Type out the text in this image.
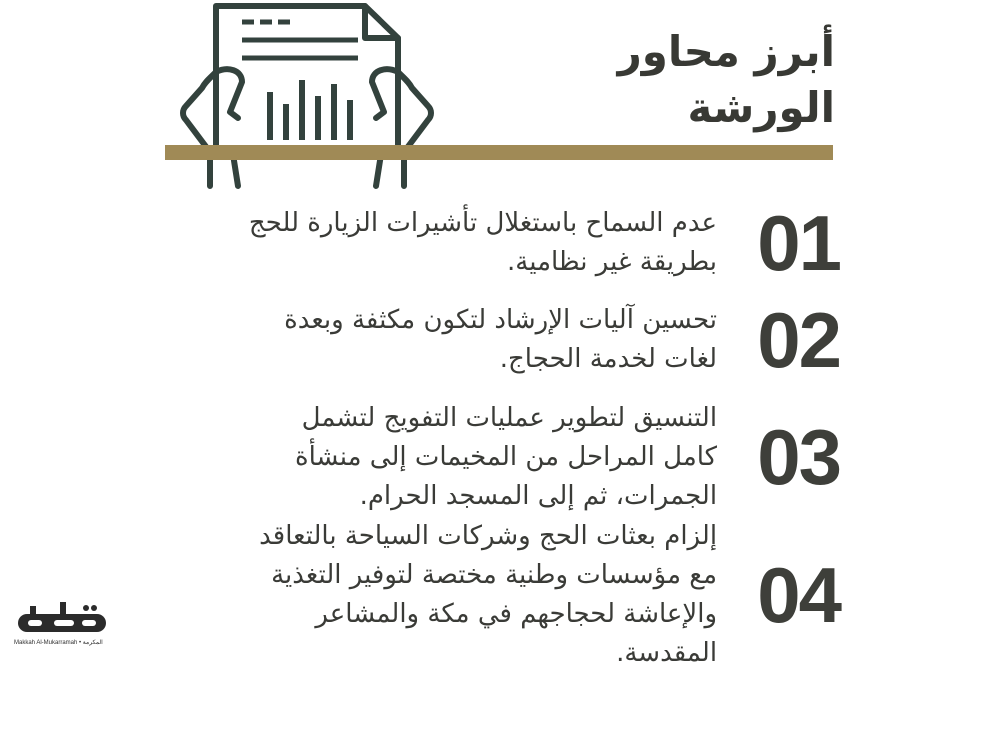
أبرز محاور الورشة
عدم السماح باستغلال تأشيرات الزيارة للحج بطريقة غير نظامية. 01
تحسين آليات الإرشاد لتكون مكثفة وبعدة لغات لخدمة الحجاج. 02
التنسيق لتطوير عمليات التفويج لتشمل كامل المراحل من المخيمات إلى منشأة الجمرات، ثم إلى المسجد الحرام. 03
إلزام بعثات الحج وشركات السياحة بالتعاقد مع مؤسسات وطنية مختصة لتوفير التغذية والإعاشة لحجاجهم في مكة والمشاعر المقدسة.
04
Makkah Al-Mukarramah • المكرمة
